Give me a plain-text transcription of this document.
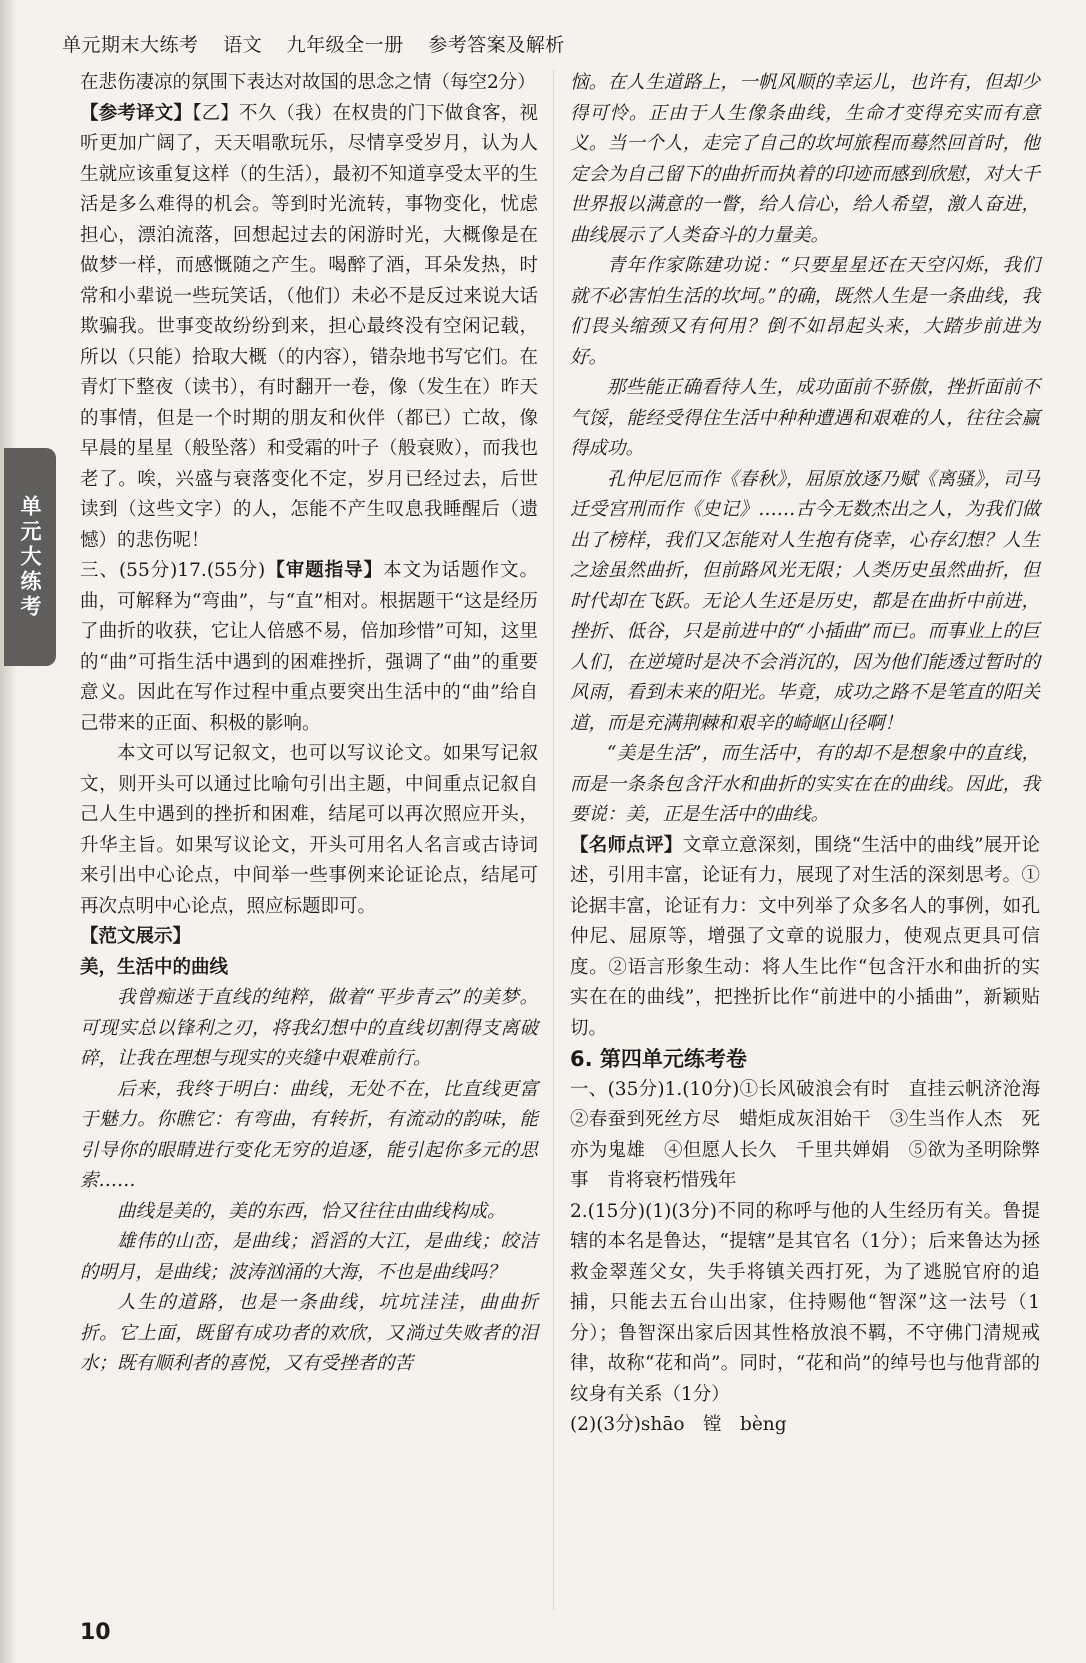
单元期末大练考 语文 九年级全一册 参考答案及解析
单元大练考

在悲伤凄凉的氛围下表达对故国的思念之情（每空2分）

【参考译文】【乙】不久（我）在权贵的门下做食客，视听更加广阔了，天天唱歌玩乐，尽情享受岁月，认为人生就应该重复这样（的生活），最初不知道享受太平的生活是多么难得的机会。等到时光流转，事物变化，忧虑担心，漂泊流落，回想起过去的闲游时光，大概像是在做梦一样，而感慨随之产生。喝醉了酒，耳朵发热，时常和小辈说一些玩笑话，（他们）未必不是反过来说大话欺骗我。世事变故纷纷到来，担心最终没有空闲记载，所以（只能）拾取大概（的内容），错杂地书写它们。在青灯下整夜（读书），有时翻开一卷，像（发生在）昨天的事情，但是一个时期的朋友和伙伴（都已）亡故，像早晨的星星（般坠落）和受霜的叶子（般衰败），而我也老了。唉，兴盛与衰落变化不定，岁月已经过去，后世读到（这些文字）的人，怎能不产生叹息我睡醒后（遗憾）的悲伤呢！

三、(55分)17.(55分)【审题指导】本文为话题作文。曲，可解释为“弯曲”，与“直”相对。根据题干“这是经历了曲折的收获，它让人倍感不易，倍加珍惜”可知，这里的“曲”可指生活中遇到的困难挫折，强调了“曲”的重要意义。因此在写作过程中重点要突出生活中的“曲”给自己带来的正面、积极的影响。

本文可以写记叙文，也可以写议论文。如果写记叙文，则开头可以通过比喻句引出主题，中间重点记叙自己人生中遇到的挫折和困难，结尾可以再次照应开头，升华主旨。如果写议论文，开头可用名人名言或古诗词来引出中心论点，中间举一些事例来论证论点，结尾可再次点明中心论点，照应标题即可。

【范文展示】

美，生活中的曲线

我曾痴迷于直线的纯粹，做着“平步青云”的美梦。可现实总以锋利之刃，将我幻想中的直线切割得支离破碎，让我在理想与现实的夹缝中艰难前行。

后来，我终于明白：曲线，无处不在，比直线更富于魅力。你瞧它：有弯曲，有转折，有流动的韵味，能引导你的眼睛进行变化无穷的追逐，能引起你多元的思索……

曲线是美的，美的东西，恰又往往由曲线构成。

雄伟的山峦，是曲线；滔滔的大江，是曲线；皎洁的明月，是曲线；波涛汹涌的大海，不也是曲线吗？

人生的道路，也是一条曲线，坑坑洼洼，曲曲折折。它上面，既留有成功者的欢欣，又淌过失败者的泪水；既有顺利者的喜悦，又有受挫者的苦

恼。在人生道路上，一帆风顺的幸运儿，也许有，但却少得可怜。正由于人生像条曲线，生命才变得充实而有意义。当一个人，走完了自己的坎坷旅程而蓦然回首时，他定会为自己留下的曲折而执着的印迹而感到欣慰，对大千世界报以满意的一瞥，给人信心，给人希望，激人奋进，曲线展示了人类奋斗的力量美。

青年作家陈建功说：“只要星星还在天空闪烁，我们就不必害怕生活的坎坷。”的确，既然人生是一条曲线，我们畏头缩颈又有何用？倒不如昂起头来，大踏步前进为好。

那些能正确看待人生，成功面前不骄傲，挫折面前不气馁，能经受得住生活中种种遭遇和艰难的人，往往会赢得成功。

孔仲尼厄而作《春秋》，屈原放逐乃赋《离骚》，司马迁受宫刑而作《史记》……古今无数杰出之人，为我们做出了榜样，我们又怎能对人生抱有侥幸，心存幻想？人生之途虽然曲折，但前路风光无限；人类历史虽然曲折，但时代却在飞跃。无论人生还是历史，都是在曲折中前进，挫折、低谷，只是前进中的“小插曲”而已。而事业上的巨人们，在逆境时是决不会消沉的，因为他们能透过暂时的风雨，看到未来的阳光。毕竟，成功之路不是笔直的阳关道，而是充满荆棘和艰辛的崎岖山径啊！

“美是生活”，而生活中，有的却不是想象中的直线，而是一条条包含汗水和曲折的实实在在的曲线。因此，我要说：美，正是生活中的曲线。

【名师点评】文章立意深刻，围绕“生活中的曲线”展开论述，引用丰富，论证有力，展现了对生活的深刻思考。①论据丰富，论证有力：文中列举了众多名人的事例，如孔仲尼、屈原等，增强了文章的说服力，使观点更具可信度。②语言形象生动：将人生比作“包含汗水和曲折的实实在在的曲线”，把挫折比作“前进中的小插曲”，新颖贴切。

6. 第四单元练考卷

一、(35分)1.(10分)①长风破浪会有时　直挂云帆济沧海　②春蚕到死丝方尽　蜡炬成灰泪始干　③生当作人杰　死亦为鬼雄　④但愿人长久　千里共婵娟　⑤欲为圣明除弊事　肯将衰朽惜残年

2.(15分)(1)(3分)不同的称呼与他的人生经历有关。鲁提辖的本名是鲁达，“提辖”是其官名（1分）；后来鲁达为拯救金翠莲父女，失手将镇关西打死，为了逃脱官府的追捕，只能去五台山出家，住持赐他“智深”这一法号（1分）；鲁智深出家后因其性格放浪不羁，不守佛门清规戒律，故称“花和尚”。同时，“花和尚”的绰号也与他背部的纹身有关系（1分）

(2)(3分)shāo　镗　bèng

10
